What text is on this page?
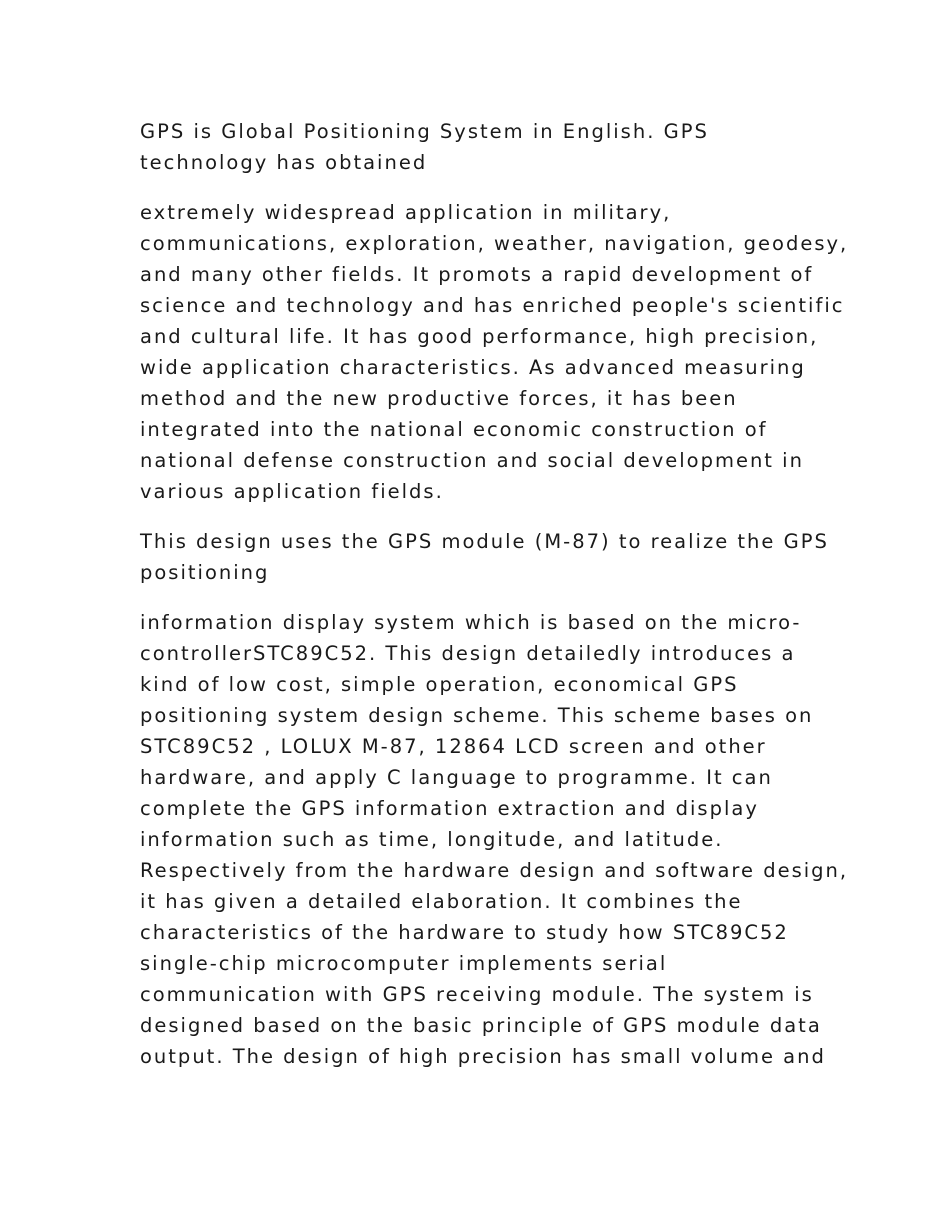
GPS is Global Positioning System in English. GPS
technology has obtained

extremely widespread application in military,
communications, exploration, weather, navigation, geodesy,
and many other fields. It promots a rapid development of
science and technology and has enriched people's scientific
and cultural life. It has good performance, high precision,
wide application characteristics. As advanced measuring
method and the new productive forces, it has been
integrated into the national economic construction of
national defense construction and social development in
various application fields.

This design uses the GPS module (M-87) to realize the GPS
positioning

information display system which is based on the micro-
controllerSTC89C52. This design detailedly introduces a
kind of low cost, simple operation, economical GPS
positioning system design scheme. This scheme bases on
STC89C52 , LOLUX M-87, 12864 LCD screen and other
hardware, and apply C language to programme. It can
complete the GPS information extraction and display
information such as time, longitude, and latitude.
Respectively from the hardware design and software design,
it has given a detailed elaboration. It combines the
characteristics of the hardware to study how STC89C52
single-chip microcomputer implements serial
communication with GPS receiving module. The system is
designed based on the basic principle of GPS module data
output. The design of high precision has small volume and
